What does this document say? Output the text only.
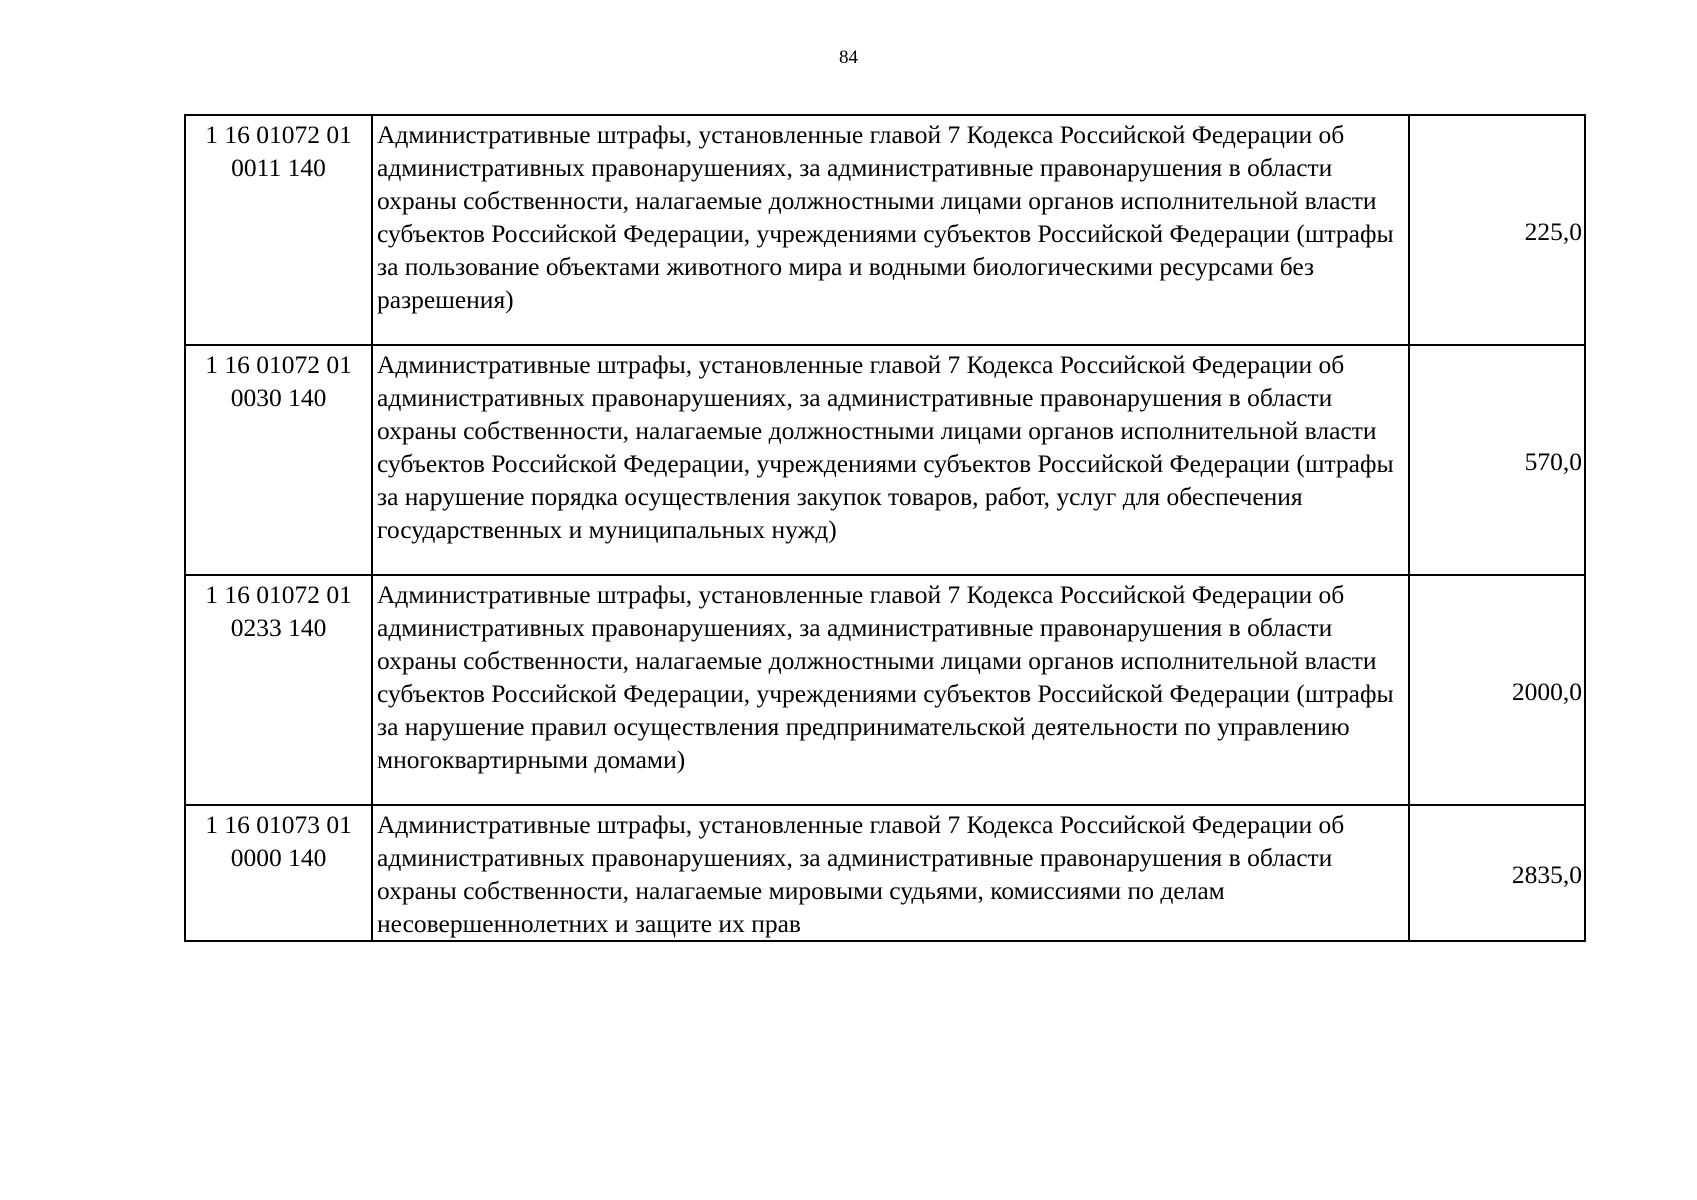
84
1 16 01072 01
0011 140	Административные штрафы, установленные главой 7 Кодекса Российской Федерации об административных правонарушениях, за административные правонарушения в области охраны собственности, налагаемые должностными лицами органов исполнительной власти субъектов Российской Федерации, учреждениями субъектов Российской Федерации (штрафы за пользование объектами животного мира и водными биологическими ресурсами без разрешения)	225,0

1 16 01072 01
0030 140	Административные штрафы, установленные главой 7 Кодекса Российской Федерации об административных правонарушениях, за административные правонарушения в области охраны собственности, налагаемые должностными лицами органов исполнительной власти субъектов Российской Федерации, учреждениями субъектов Российской Федерации (штрафы за нарушение порядка осуществления закупок товаров, работ, услуг для обеспечения государственных и муниципальных нужд)	570,0

1 16 01072 01
0233 140	Административные штрафы, установленные главой 7 Кодекса Российской Федерации об административных правонарушениях, за административные правонарушения в области охраны собственности, налагаемые должностными лицами органов исполнительной власти субъектов Российской Федерации, учреждениями субъектов Российской Федерации (штрафы за нарушение правил осуществления предпринимательской деятельности по управлению многоквартирными домами)	2000,0

1 16 01073 01
0000 140	Административные штрафы, установленные главой 7 Кодекса Российской Федерации об административных правонарушениях, за административные правонарушения в области охраны собственности, налагаемые мировыми судьями, комиссиями по делам несовершеннолетних и защите их прав	2835,0
